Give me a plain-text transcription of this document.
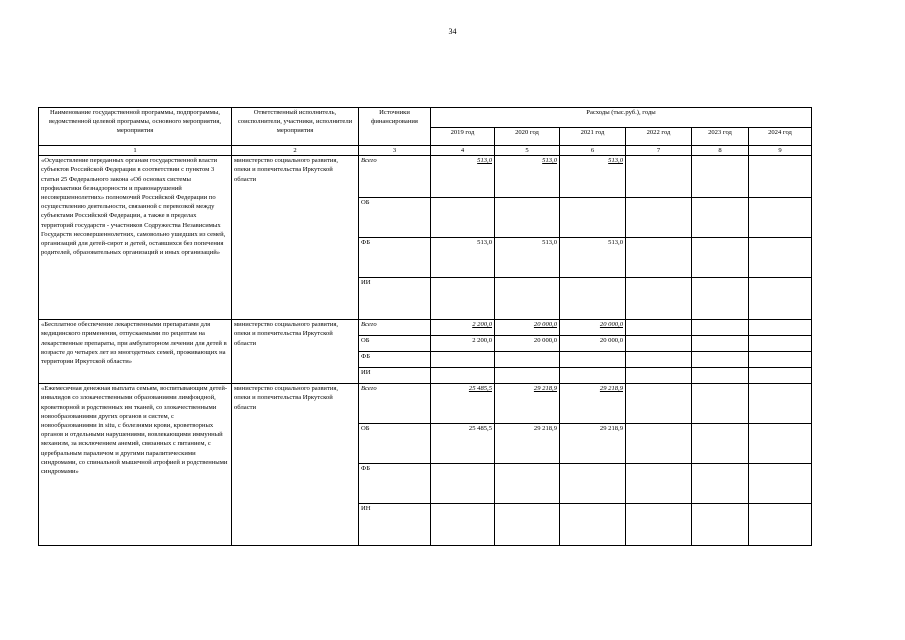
34
Наименование государственной программы, подпрограммы, ведомственной целевой программы, основного мероприятия, мероприятия	Ответственный исполнитель, соисполнители, участники, исполнители мероприятия	Источники финансирования	Расходы (тыс.руб.), годы					
			2019 год	2020 год	2021 год	2022 год	2023 год	2024 год
1	2	3	4	5	6	7	8	9
«Осуществление переданных органам государственной власти субъектов Российской Федерации в соответствии с пунктом 3 статьи 25 Федерального закона «Об основах системы профилактики безнадзорности и правонарушений несовершеннолетних» полномочий Российской Федерации по осуществлению деятельности, связанной с перевозкой между субъектами Российской Федерации, а также в пределах территорий государств - участников Содружества Независимых Государств несовершеннолетних, самовольно ушедших из семей, организаций для детей-сирот и детей, оставшихся без попечения родителей, образовательных организаций и иных организаций»	министерство социального развития, опеки и попечительства Иркутской области	Всего	513,0	513,0	513,0			
		ОБ						
		ФБ	513,0	513,0	513,0			
		ИИ						
«Бесплатное обеспечение лекарственными препаратами для медицинского применения, отпускаемыми по рецептам на лекарственные препараты, при амбулаторном лечении для детей в возрасте до четырех лет из многодетных семей, проживающих на территории Иркутской области»	министерство социального развития, опеки и попечительства Иркутской области	Всего	2 200,0	20 000,0	20 000,0			
		ОБ	2 200,0	20 000,0	20 000,0			
		ФБ						
		ИИ						
«Ежемесячная денежная выплата семьям, воспитывающим детей-инвалидов со злокачественными образованиями лимфоидной, кроветворной и родственных им тканей, со злокачественными новообразованиями других органов и систем, с новообразованиями in situ, с болезнями крови, кроветворных органов и отдельными нарушениями, вовлекающими иммунный механизм, за исключением анемий, связанных с питанием, с церебральным параличом и другими паралитическими синдромами, со спинальной мышечной атрофией и родственными синдромами»	министерство социального развития, опеки и попечительства Иркутской области	Всего	25 485,5	29 218,9	29 218,9			
		ОБ	25 485,5	29 218,9	29 218,9			
		ФБ						
		ИН						
